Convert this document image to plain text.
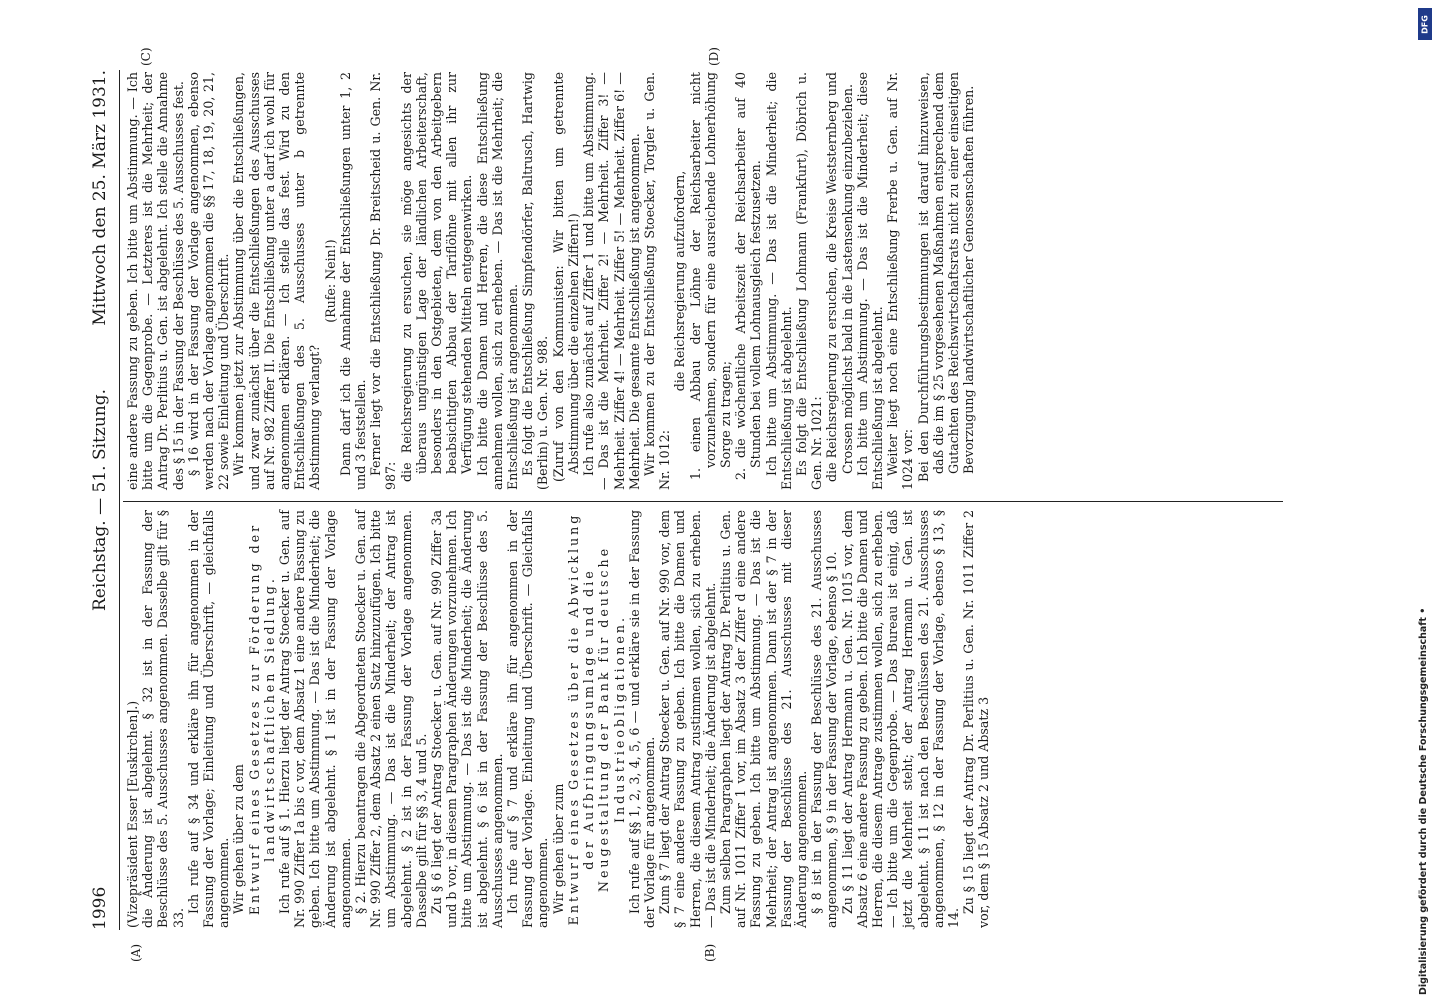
1996
Reichstag. — 51. Sitzung.
Mittwoch den 25. März 1931.
(A)	(B)
(C)	(D)

(Vizepräsident Esser [Euskirchen].) die Änderung ist abgelehnt. § 32 ist in der Fassung der Beschlüsse des 5. Ausschusses angenommen. Dasselbe gilt für § 33.

Ich rufe auf § 34 und erkläre ihn für angenommen in der Fassung der Vorlage; Einleitung und Überschrift, — gleichfalls angenommen. Wir gehen über zu dem Entwurf eines Gesetzes zur Förderung der landwirtschaftlichen Siedlung. Ich rufe auf § 1. Hierzu liegt der Antrag Stoecker u. Gen. auf Nr. 990 Ziffer 1a bis c vor, dem Absatz 1 eine andere Fassung zu geben. Ich bitte um Abstimmung. — Das ist die Minderheit; die Änderung ist abgelehnt. § 1 ist in der Fassung der Vorlage angenommen. § 2. Hierzu beantragen die Abgeordneten Stoecker u. Gen. auf Nr. 990 Ziffer 2, dem Absatz 2 einen Satz hinzuzufügen. Ich bitte um Abstimmung. — Das ist die Minderheit; der Antrag ist abgelehnt. § 2 ist in der Fassung der Vorlage angenommen. Dasselbe gilt für §§ 3, 4 und 5. Zu § 6 liegt der Antrag Stoecker u. Gen. auf Nr. 990 Ziffer 3a und b vor, in diesem Paragraphen Änderungen vorzunehmen. Ich bitte um Abstimmung. — Das ist die Minderheit; die Änderung ist abgelehnt. § 6 ist in der Fassung der Beschlüsse des 5. Ausschusses angenommen. Ich rufe auf § 7 und erkläre ihn für angenommen in der Fassung der Vorlage. Einleitung und Überschrift. — Gleichfalls angenommen. Wir gehen über zum Entwurf eines Gesetzes über die Abwicklung der Aufbringungsumlage und die Neugestaltung der Bank für deutsche Industrieobligationen. Ich rufe auf §§ 1, 2, 3, 4, 5, 6 — und erkläre sie in der Fassung der Vorlage für angenommen. Zum § 7 liegt der Antrag Stoecker u. Gen. auf Nr. 990 vor, dem § 7 eine andere Fassung zu geben. Ich bitte die Damen und Herren, die diesem Antrag zustimmen wollen, sich zu erheben. — Das ist die Minderheit; die Änderung ist abgelehnt. Zum selben Paragraphen liegt der Antrag Dr. Perlitius u. Gen. auf Nr. 1011 Ziffer 1 vor, im Absatz 3 der Ziffer d eine andere Fassung zu geben. Ich bitte um Abstimmung. — Das ist die Mehrheit; der Antrag ist angenommen. Dann ist der § 7 in der Fassung der Beschlüsse des 21. Ausschusses mit dieser Änderung angenommen. § 8 ist in der Fassung der Beschlüsse des 21. Ausschusses angenommen, § 9 in der Fassung der Vorlage, ebenso § 10. Zu § 11 liegt der Antrag Hermann u. Gen. Nr. 1015 vor, dem Absatz 6 eine andere Fassung zu geben. Ich bitte die Damen und Herren, die diesem Antrage zustimmen wollen, sich zu erheben. — Ich bitte um die Gegenprobe. — Das Bureau ist einig, daß jetzt die Mehrheit steht; der Antrag Hermann u. Gen. ist abgelehnt. § 11 ist nach den Beschlüssen des 21. Ausschusses angenommen, § 12 in der Fassung der Vorlage, ebenso § 13, § 14.

Zu § 15 liegt der Antrag Dr. Perlitius u. Gen. Nr. 1011 Ziffer 2 vor, dem § 15 Absatz 2 und Absatz 3

eine andere Fassung zu geben. Ich bitte um Abstimmung. — Ich bitte um die Gegenprobe. — Letzteres ist die Mehrheit; der Antrag Dr. Perlitius u. Gen. ist abgelehnt. Ich stelle die Annahme des § 15 in der Fassung der Beschlüsse des 5. Ausschusses fest. § 16 wird in der Fassung der Vorlage angenommen, ebenso werden nach der Vorlage angenommen die §§ 17, 18, 19, 20, 21, 22 sowie Einleitung und Überschrift. Wir kommen jetzt zur Abstimmung über die Entschließungen, und zwar zunächst über die Entschließungen des Ausschusses auf Nr. 982 Ziffer II. Die Entschließung unter a darf ich wohl für angenommen erklären. — Ich stelle das fest. Wird zu den Entschließungen des 5. Ausschusses unter b getrennte Abstimmung verlangt?

(Rufe: Nein!) Dann darf ich die Annahme der Entschließungen unter 1, 2 und 3 feststellen. Ferner liegt vor die Entschließung Dr. Breitscheid u. Gen. Nr. 987: die Reichsregierung zu ersuchen, sie möge angesichts der überaus ungünstigen Lage der ländlichen Arbeiterschaft, besonders in den Ostgebieten, dem von den Arbeitgebern beabsichtigten Abbau der Tariflöhne mit allen ihr zur Verfügung stehenden Mitteln entgegenwirken. Ich bitte die Damen und Herren, die diese Entschließung annehmen wollen, sich zu erheben. — Das ist die Mehrheit; die Entschließung ist angenommen. Es folgt die Entschließung Simpfendörfer, Baltrusch, Hartwig (Berlin) u. Gen. Nr. 988. (Zuruf von den Kommunisten: Wir bitten um getrennte Abstimmung über die einzelnen Ziffern!) Ich rufe also zunächst auf Ziffer 1 und bitte um Abstimmung. — Das ist die Mehrheit. Ziffer 2! — Mehrheit. Ziffer 3! — Mehrheit. Ziffer 4! — Mehrheit. Ziffer 5! — Mehrheit. Ziffer 6! — Mehrheit. Die gesamte Entschließung ist angenommen. Wir kommen zu der Entschließung Stoecker, Torgler u. Gen. Nr. 1012:

die Reichsregierung aufzufordern, 1. einen Abbau der Löhne der Reichsarbeiter nicht vorzunehmen, sondern für eine ausreichende Lohnerhöhung Sorge zu tragen; 2. die wöchentliche Arbeitszeit der Reichsarbeiter auf 40 Stunden bei vollem Lohnausgleich festzusetzen. Ich bitte um Abstimmung. — Das ist die Minderheit; die Entschließung ist abgelehnt. Es folgt die Entschließung Lohmann (Frankfurt), Döbrich u. Gen. Nr. 1021: die Reichsregierung zu ersuchen, die Kreise Weststernberg und Crossen möglichst bald in die Lastensenkung einzubeziehen. Ich bitte um Abstimmung. — Das ist die Minderheit; diese Entschließung ist abgelehnt. Weiter liegt noch eine Entschließung Frerbe u. Gen. auf Nr. 1024 vor: Bei den Durchführungsbestimmungen ist darauf hinzuweisen, daß die im § 25 vorgesehenen Maßnahmen entsprechend dem Gutachten des Reichswirtschaftsrats nicht zu einer einseitigen Bevorzugung landwirtschaftlicher Genossenschaften führen.

Digitalisierung gefördert durch die Deutsche Forschungsgemeinschaft •
DFG
